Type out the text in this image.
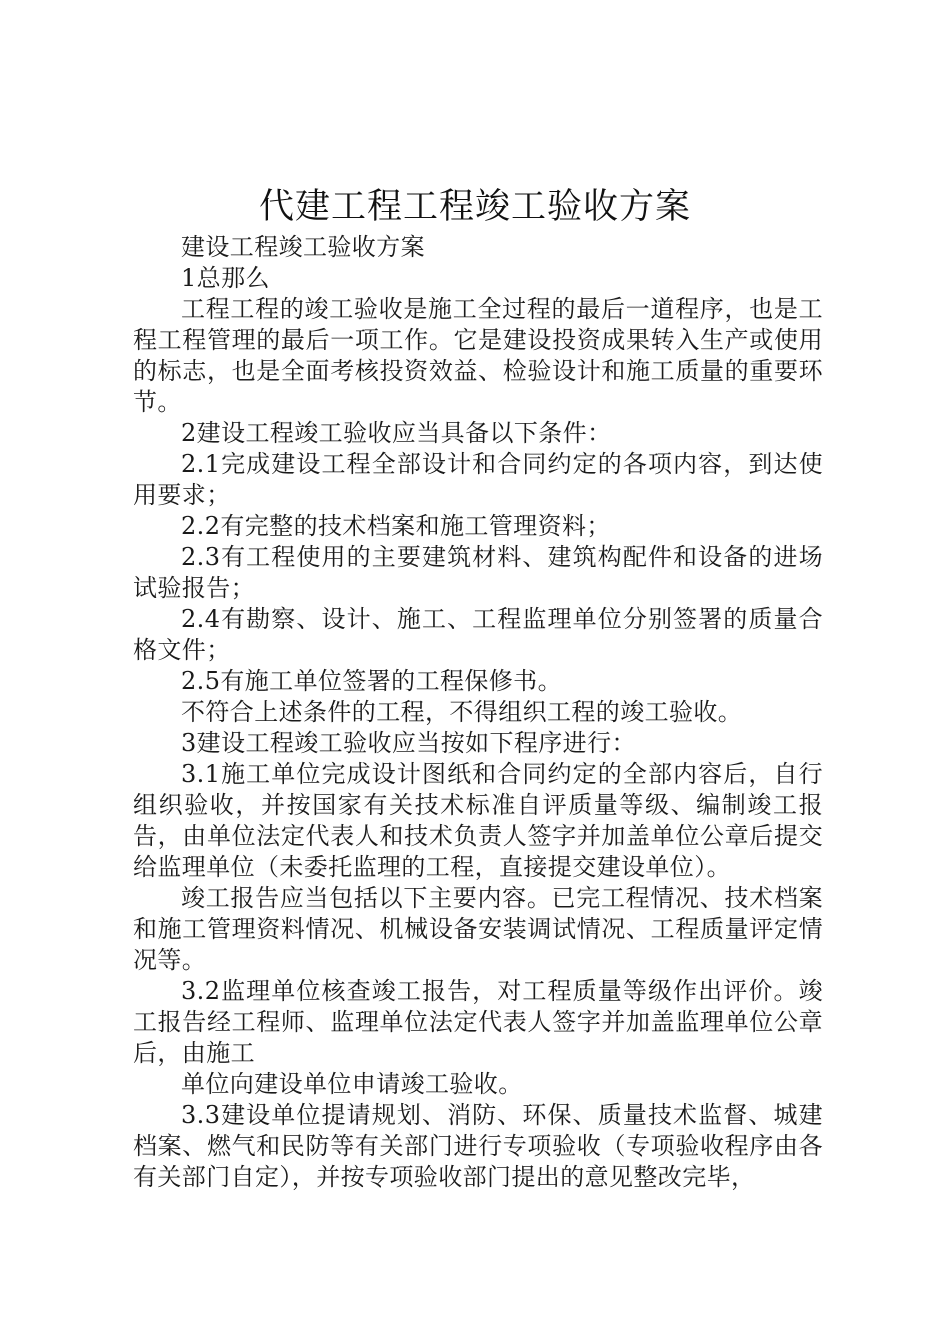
代建工程工程竣工验收方案

建设工程竣工验收方案

1总那么

工程工程的竣工验收是施工全过程的最后一道程序，也是工程工程管理的最后一项工作。它是建设投资成果转入生产或使用的标志，也是全面考核投资效益、检验设计和施工质量的重要环节。

2建设工程竣工验收应当具备以下条件：

2.1完成建设工程全部设计和合同约定的各项内容，到达使用要求；

2.2有完整的技术档案和施工管理资料；

2.3有工程使用的主要建筑材料、建筑构配件和设备的进场试验报告；

2.4有勘察、设计、施工、工程监理单位分别签署的质量合格文件；

2.5有施工单位签署的工程保修书。

不符合上述条件的工程，不得组织工程的竣工验收。

3建设工程竣工验收应当按如下程序进行：

3.1施工单位完成设计图纸和合同约定的全部内容后，自行组织验收，并按国家有关技术标准自评质量等级、编制竣工报告，由单位法定代表人和技术负责人签字并加盖单位公章后提交给监理单位（未委托监理的工程，直接提交建设单位）。

竣工报告应当包括以下主要内容。已完工程情况、技术档案和施工管理资料情况、机械设备安装调试情况、工程质量评定情况等。

3.2监理单位核查竣工报告，对工程质量等级作出评价。竣工报告经工程师、监理单位法定代表人签字并加盖监理单位公章后，由施工

单位向建设单位申请竣工验收。

3.3建设单位提请规划、消防、环保、质量技术监督、城建档案、燃气和民防等有关部门进行专项验收（专项验收程序由各有关部门自定），并按专项验收部门提出的意见整改完毕，
